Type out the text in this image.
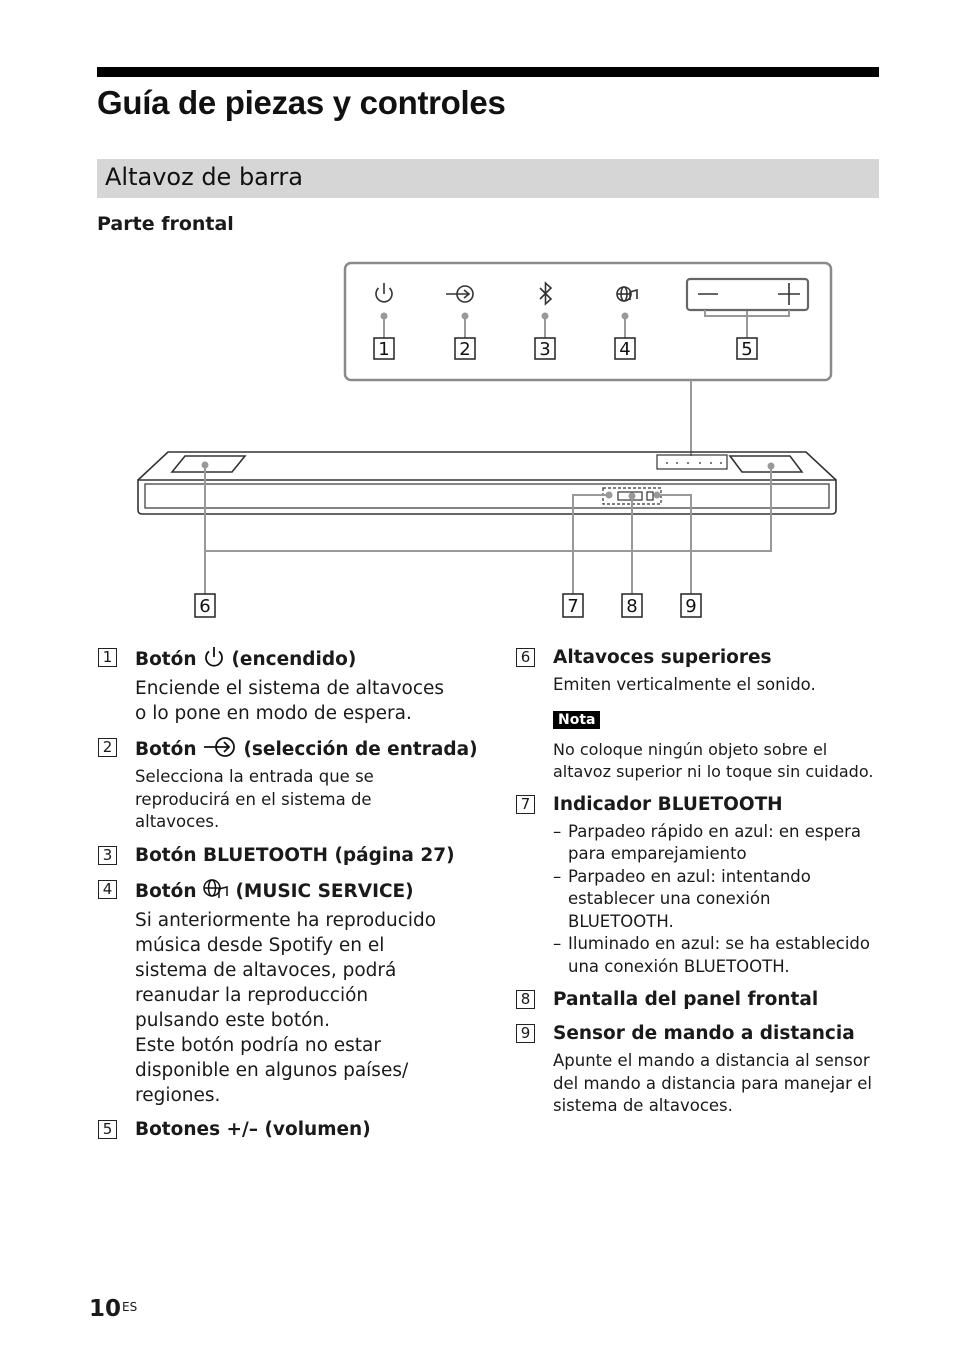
Guía de piezas y controles
Altavoz de barra
Parte frontal
1	2	3	4	5
6	7	8	9
1 Botón (encendido)
Enciende el sistema de altavoces o lo pone en modo de espera.
2 Botón	(selección de entrada)
Selecciona la entrada que se reproducirá en el sistema de altavoces.
3 Botón BLUETOOTH (página 27)
4 Botón (MUSIC SERVICE)
Si anteriormente ha reproducido música desde Spotify en el sistema de altavoces, podrá reanudar la reproducción pulsando este botón.
Este botón podría no estar disponible en algunos países/ regiones.
5 Botones +/– (volumen)
6 Altavoces superiores
Emiten verticalmente el sonido.
Nota
No coloque ningún objeto sobre el altavoz superior ni lo toque sin cuidado.
7 Indicador BLUETOOTH
– Parpadeo rápido en azul: en espera para emparejamiento
– Parpadeo en azul: intentando establecer una conexión BLUETOOTH.
– Iluminado en azul: se ha establecido una conexión BLUETOOTH.
8 Pantalla del panel frontal
9 Sensor de mando a distancia
Apunte el mando a distancia al sensor del mando a distancia para manejar el sistema de altavoces.
$10^{ES}$
